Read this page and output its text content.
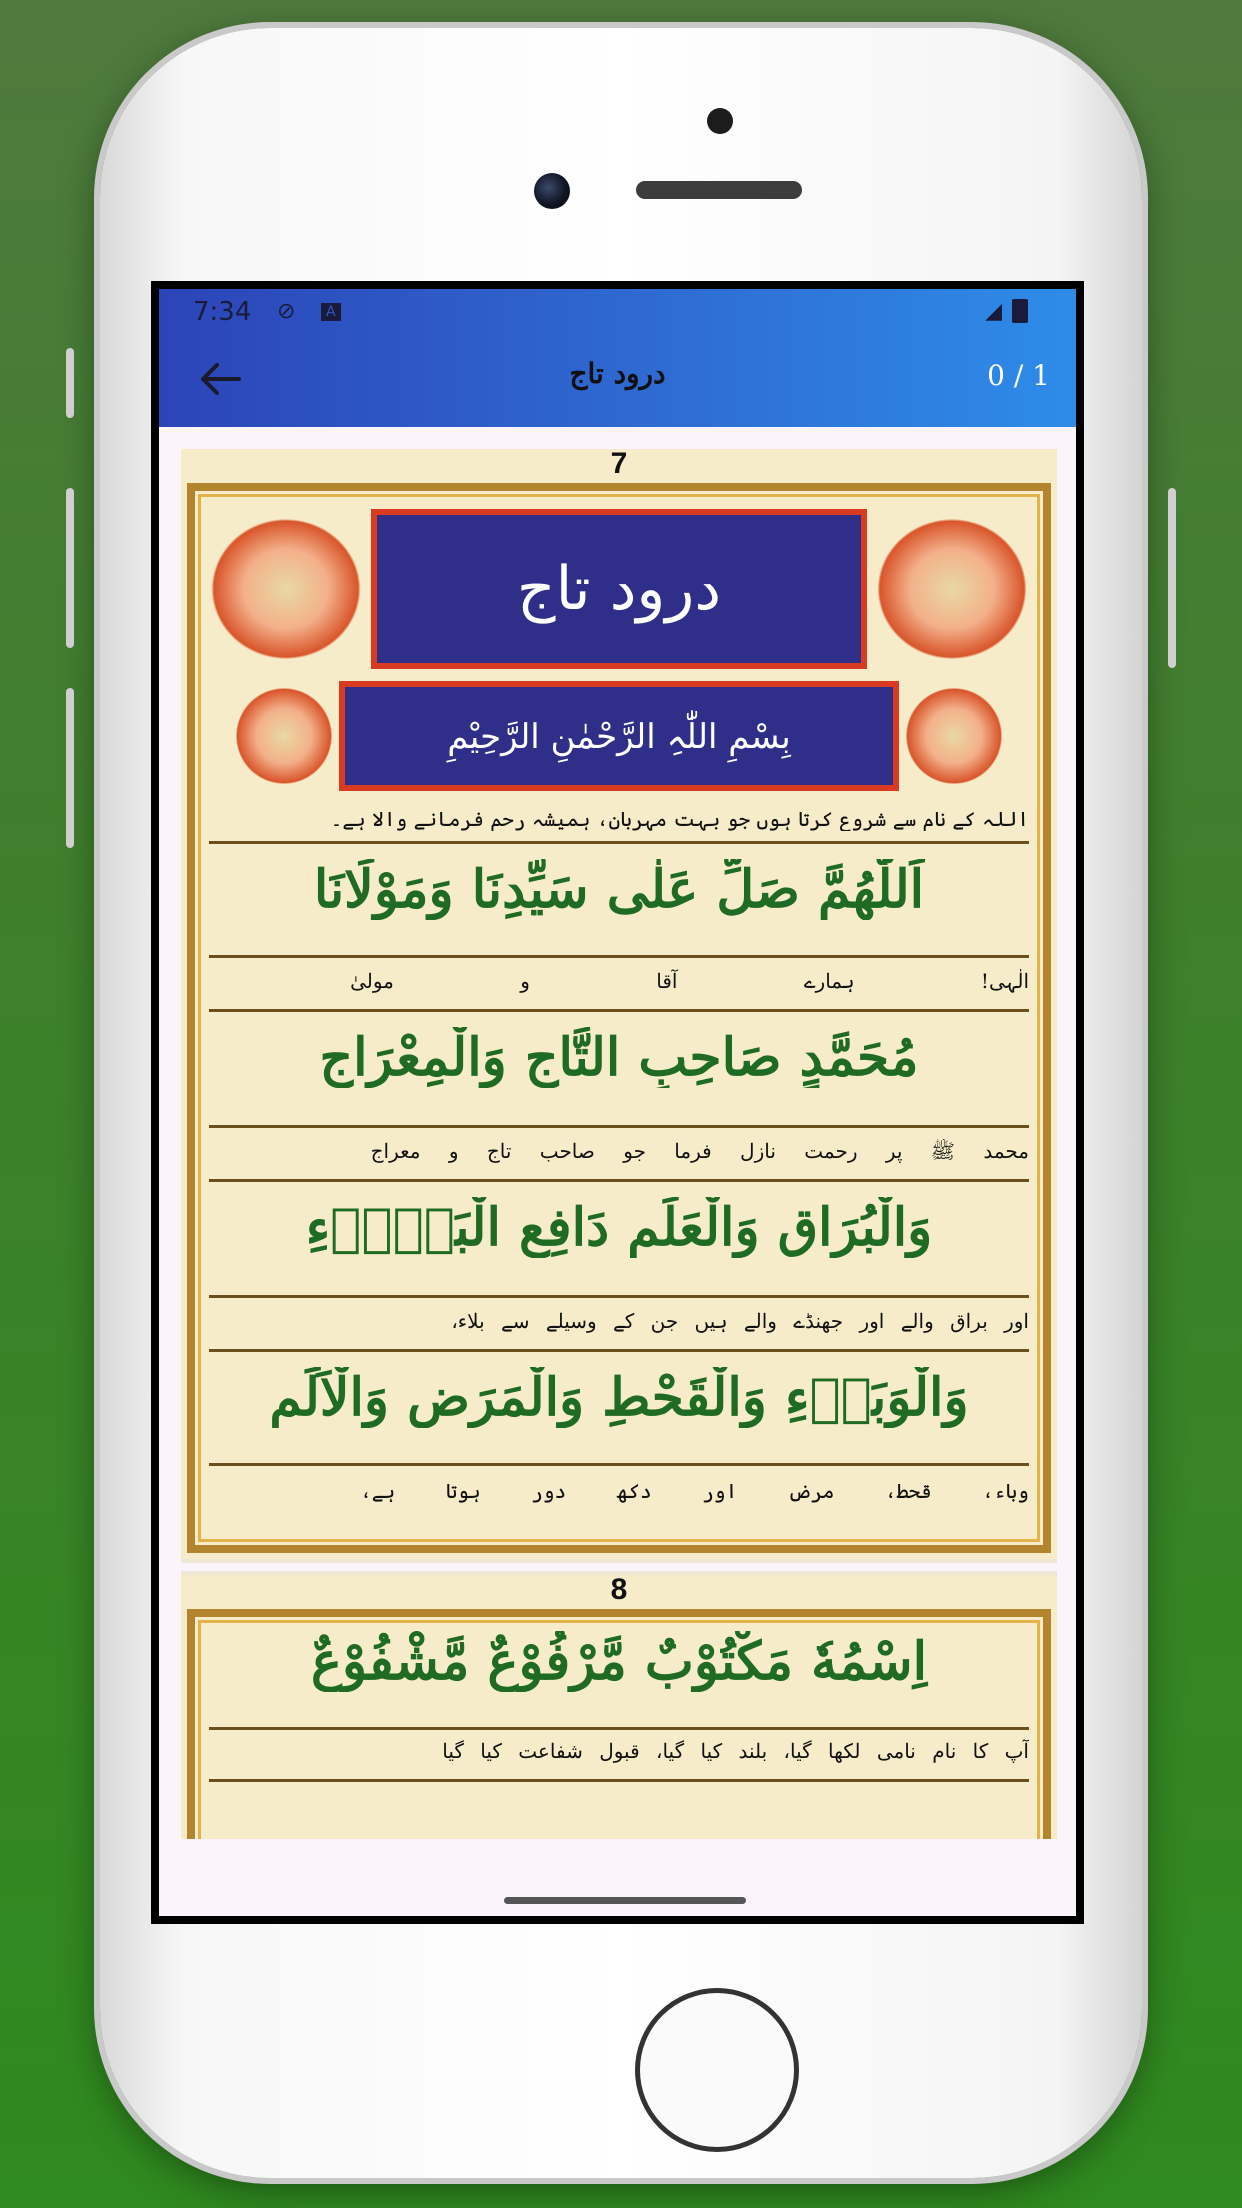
7:34 ⊘	A	◢
درود تاج	0 / 1
7
درود تاج
بِسْمِ اللّٰہِ الرَّحْمٰنِ الرَّحِیْمِ
اللہ کے نام سے شروع کرتا ہوں جو بہت مہربان، ہمیشہ رحم فرمانے والا ہے۔
اَللّٰھُمَّ صَلِّ عَلٰی سَیِّدِنَا وَمَوْلَانَا
الٰہی! ہمارے آقا و مولیٰ
مُحَمَّدٍ صَاحِبِ التَّاجِ وَالْمِعْرَاجِ
محمد ﷺ پر رحمت نازل فرما جو صاحب تاج و معراج
وَالْبُرَاقِ وَالْعَلَمِ دَافِعِ الْبَلَاۗءِ
اور براق والے اور جھنڈے والے ہیں جن کے وسیلے سے بلاء،
وَالْوَبَاۗءِ وَالْقَحْطِ وَالْمَرَضِ وَالْاَلَمِ
وباء، قحط، مرض اور دکھ دور ہوتا ہے،
8
اِسْمُهٗ مَكْتُوْبٌ مَّرْفُوْعٌ مَّشْفُوْعٌ
آپ کا نام نامی لکھا گیا، بلند کیا گیا، قبول شفاعت کیا گیا
